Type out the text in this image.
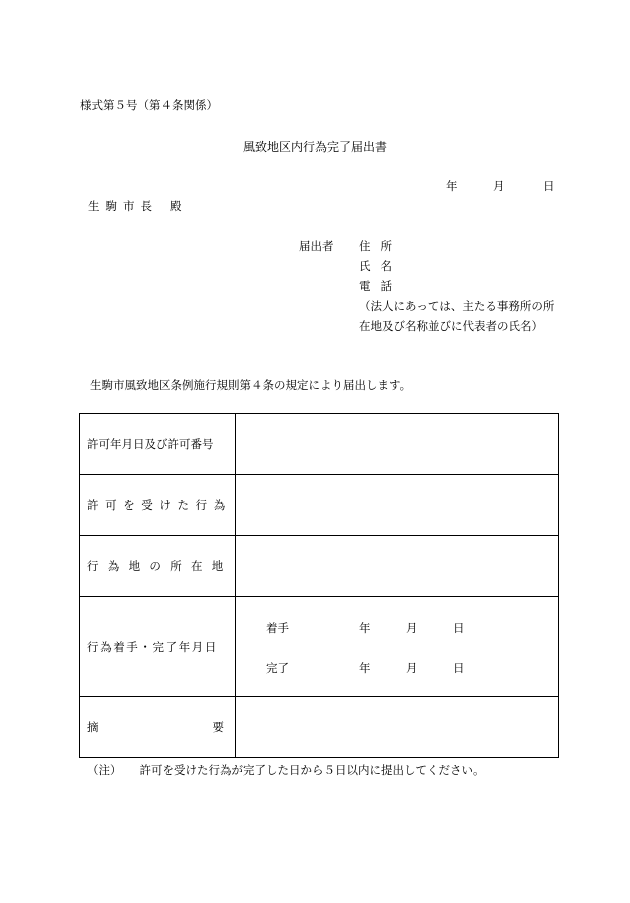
様式第５号（第４条関係）
風致地区内行為完了届出書
年	月	日
生駒市長 殿
届出者 住所
氏名
電話
（法人にあっては、主たる事務所の所
在地及び名称並びに代表者の氏名）
生駒市風致地区条例施行規則第４条の規定により届出します。
許可年月日及び許可番号	
許可を受けた行為	
行為地の所在地	
行為着手・完了年月日	着手 年 月 日
完了 年 月 日

摘 要	

（注） 許可を受けた行為が完了した日から５日以内に提出してください。
